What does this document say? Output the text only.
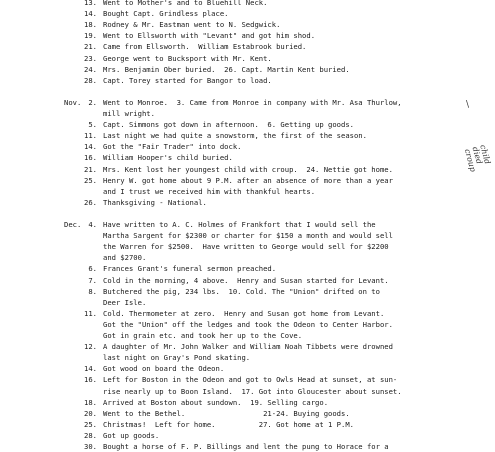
13. Went to Mother's and to Bluehill Neck.
14. Bought Capt. Grindless place.
18. Rodney & Mr. Eastman went to N. Sedgwick.
19. Went to Ellsworth with "Levant" and got him shod.
21. Came from Ellsworth.  William Estabrook buried.
23. George went to Bucksport with Mr. Kent.
24. Mrs. Benjamin Ober buried.  26. Capt. Martin Kent buried.
28. Capt. Torey started for Bangor to load.
Nov. 2. Went to Monroe.  3. Came from Monroe in company with Mr. Asa Thurlow,
mill wright.
5. Capt. Simmons got down in afternoon.  6. Getting up goods.
11. Last night we had quite a snowstorm, the first of the season.
14. Got the "Fair Trader" into dock.
16. William Hooper's child buried.
21. Mrs. Kent lost her youngest child with croup.  24. Nettie got home.
25. Henry W. got home about 9 P.M. after an absence of more than a year
and I trust we received him with thankful hearts.
26. Thanksgiving - National.
Dec. 4. Have written to A. C. Holmes of Frankfort that I would sell the
Martha Sargent for $2300 or charter for $150 a month and would sell
the Warren for $2500.  Have written to George would sell for $2200
and $2700.
6. Frances Grant's funeral sermon preached.
7. Cold in the morning, 4 above.  Henry and Susan started for Levant.
8. Butchered the pig, 234 lbs.  10. Cold. The "Union" drifted on to
Deer Isle.
11. Cold. Thermometer at zero.  Henry and Susan got home from Levant.
Got the "Union" off the ledges and took the Odeon to Center Harbor.
Got in grain etc. and took her up to the Cove.
12. A daughter of Mr. John Walker and William Noah Tibbets were drowned
last night on Gray's Pond skating.
14. Got wood on board the Odeon.
16. Left for Boston in the Odeon and got to Owls Head at sunset, at sun-
rise nearly up to Boon Island.  17. Got into Gloucester about sunset.
18. Arrived at Boston about sundown.  19. Selling cargo.
20. Went to the Bethel.                  21-24. Buying goods.
25. Christmas!  Left for home.          27. Got home at 1 P.M.
28. Got up goods.
30. Bought a horse of F. P. Billings and lent the pung to Horace for a
\
child
died
croup
